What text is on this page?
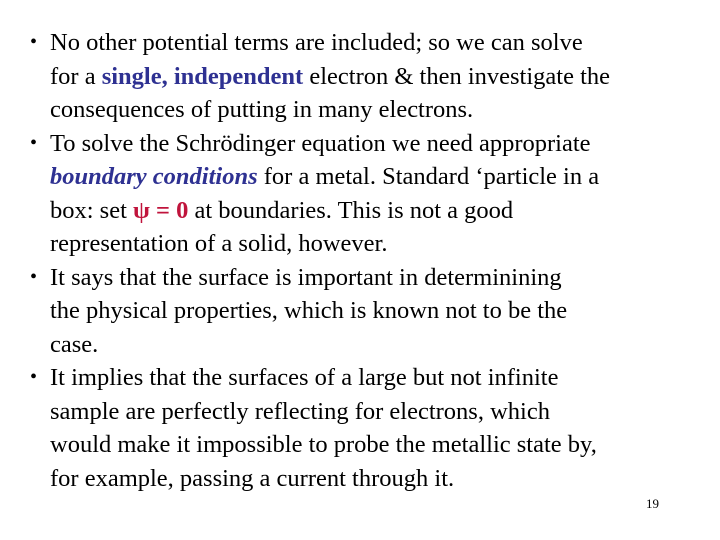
• No other potential terms are included; so we can solve
for a single, independent electron & then investigate the
consequences of putting in many electrons.
• To solve the Schrödinger equation we need appropriate
boundary conditions for a metal. Standard ‘particle in a
box: set ψ = 0 at boundaries. This is not a good
representation of a solid, however.
• It says that the surface is important in determinining
the physical properties, which is known not to be the
case.
• It implies that the surfaces of a large but not infinite
sample are perfectly reflecting for electrons, which
would make it impossible to probe the metallic state by,
for example, passing a current through it.
19
